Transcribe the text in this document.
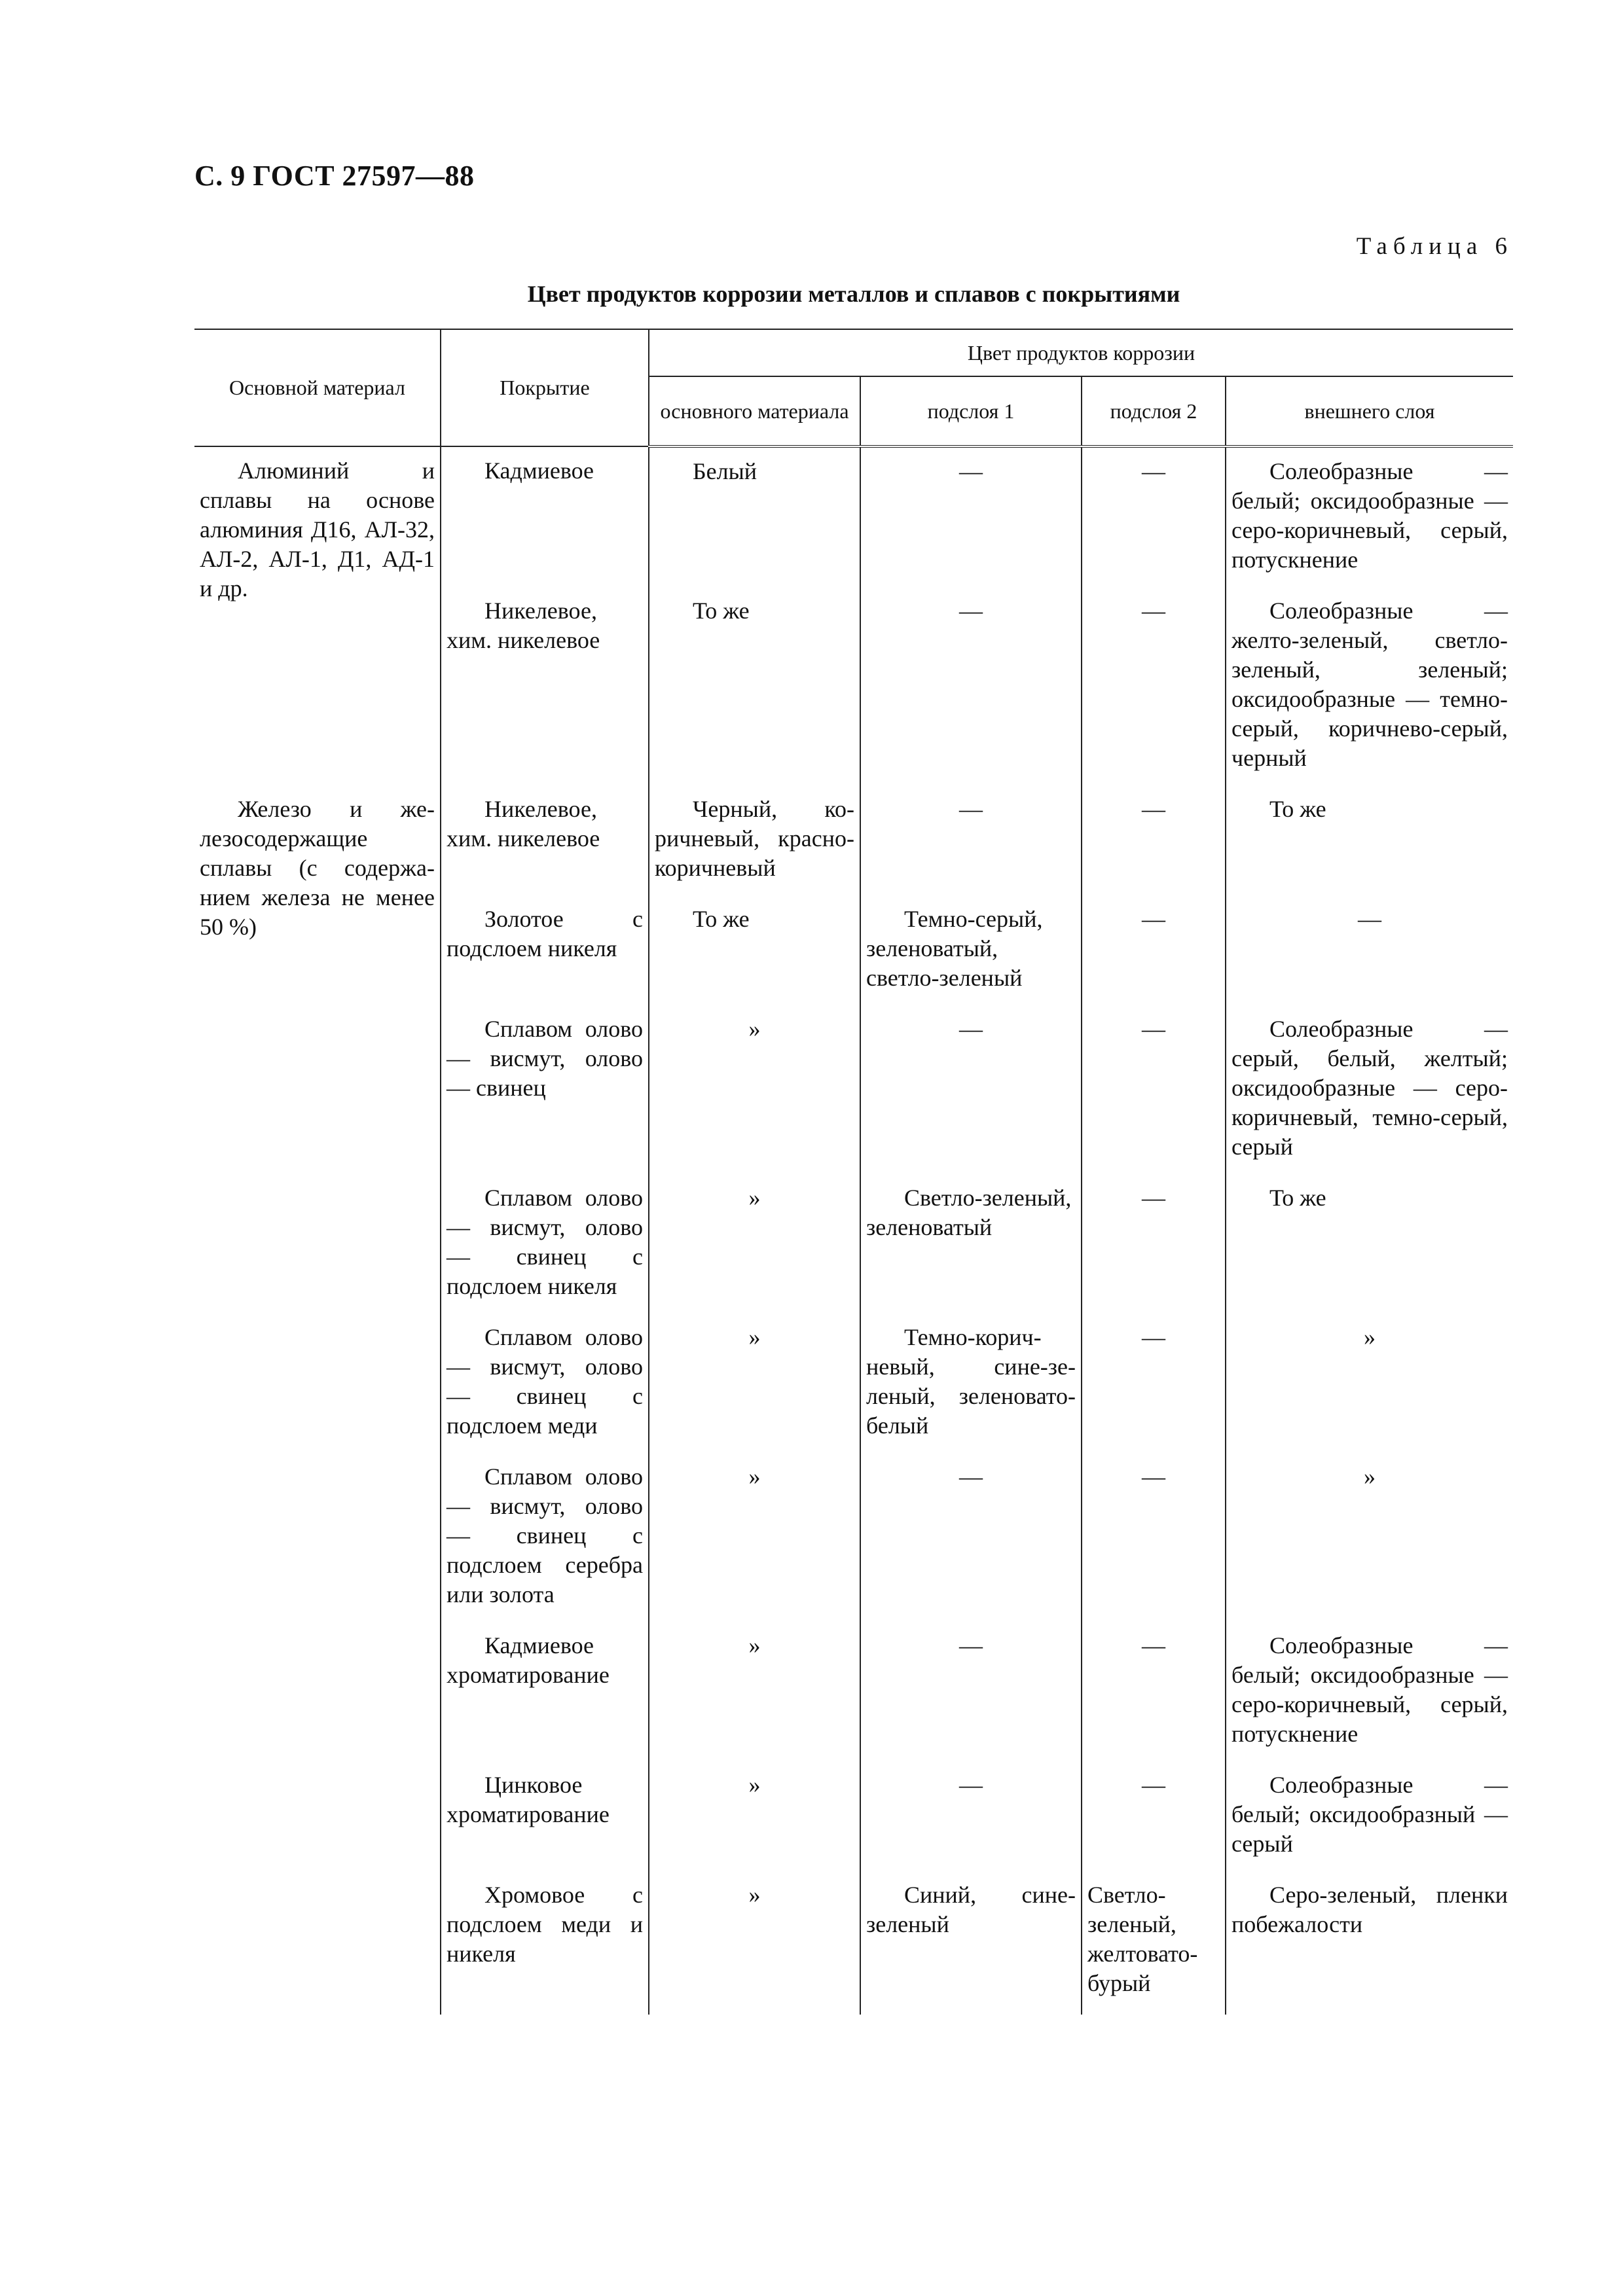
С. 9 ГОСТ 27597—88
Таблица 6
Цвет продуктов коррозии металлов и сплавов с покрытиями
Основной материал	Покрытие	Цвет продуктов коррозии			
		основного материала	подслоя 1	подслоя 2	внешнего слоя
Алюминий и сплавы на основе алюминия Д16, АЛ-32, АЛ-2, АЛ-1, Д1, АД-1 и др.	Кадмиевое	Белый	—	—	Солеобразные — белый; оксидообразные — серо-коричневый, серый, потускнение
	Никелевое, хим. никелевое	То же	—	—	Солеобразные — желто-зеленый, светло-зеленый, зеленый; оксидообразные — темно-серый, коричнево-серый, черный
Железо и железосодержащие сплавы (с содержанием железа не менее 50 %)	Никелевое, хим. никелевое	Черный, коричневый, красно-коричневый	—	—	То же
	Золотое с подслоем никеля	То же	Темно-серый, зеленоватый, светло-зеленый	—	—
	Сплавом олово — висмут, олово — свинец	»	—	—	Солеобразные — серый, белый, желтый; оксидообразные — серо-коричневый, темно-серый, серый
	Сплавом олово — висмут, олово — свинец с подслоем никеля	»	Светло-зеленый, зеленоватый	—	То же
	Сплавом олово — висмут, олово — свинец с подслоем меди	»	Темно-коричневый, сине-зеленый, зеленовато-белый	—	»
	Сплавом олово — висмут, олово — свинец с подслоем серебра или золота	»	—	—	»
	Кадмиевое хроматирование	»	—	—	Солеобразные — белый; оксидообразные — серо-коричневый, серый, потускнение
	Цинковое хроматирование	»	—	—	Солеобразные — белый; оксидообразный — серый
	Хромовое с подслоем меди и никеля	»	Синий, сине-зеленый	Светло-зеленый, желтовато-бурый	Серо-зеленый, пленки побежалости
